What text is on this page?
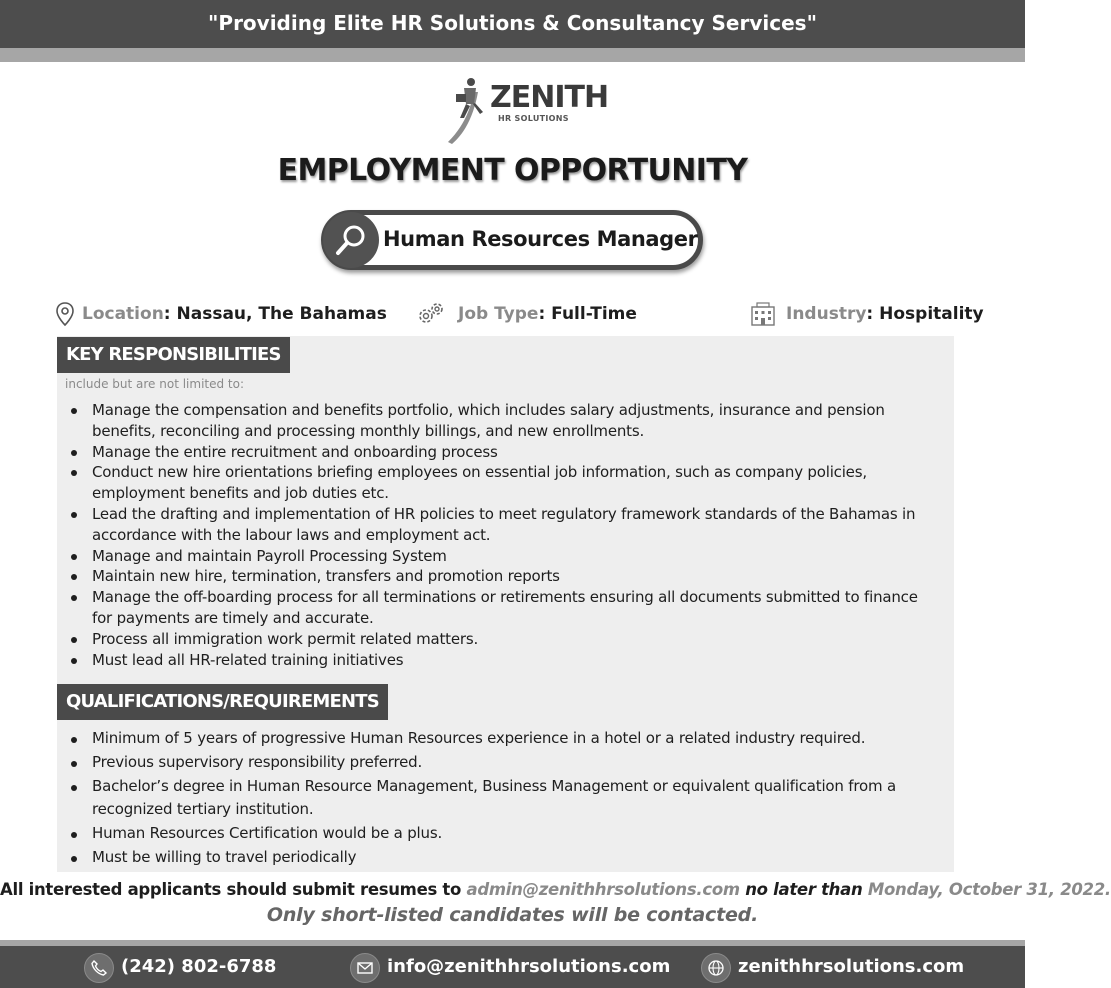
"Providing Elite HR Solutions & Consultancy Services"
ZENITH
HR SOLUTIONS
EMPLOYMENT OPPORTUNITY
Human Resources Manager
Location: Nassau, The Bahamas	Job Type: Full-Time	Industry: Hospitality
KEY RESPONSIBILITIES
include but are not limited to:
Manage the compensation and benefits portfolio, which includes salary adjustments, insurance and pension benefits, reconciling and processing monthly billings, and new enrollments.
Manage the entire recruitment and onboarding process
Conduct new hire orientations briefing employees on essential job information, such as company policies, employment benefits and job duties etc.
Lead the drafting and implementation of HR policies to meet regulatory framework standards of the Bahamas in accordance with the labour laws and employment act.
Manage and maintain Payroll Processing System
Maintain new hire, termination, transfers and promotion reports
Manage the off-boarding process for all terminations or retirements ensuring all documents submitted to finance for payments are timely and accurate.
Process all immigration work permit related matters.
Must lead all HR-related training initiatives
QUALIFICATIONS/REQUIREMENTS
Minimum of 5 years of progressive Human Resources experience in a hotel or a related industry required.
Previous supervisory responsibility preferred.
Bachelor’s degree in Human Resource Management, Business Management or equivalent qualification from a recognized tertiary institution.
Human Resources Certification would be a plus.
Must be willing to travel periodically
All interested applicants should submit resumes to admin@zenithhrsolutions.com no later than Monday, October 31, 2022.
Only short-listed candidates will be contacted.
(242) 802-6788	info@zenithhrsolutions.com	zenithhrsolutions.com
